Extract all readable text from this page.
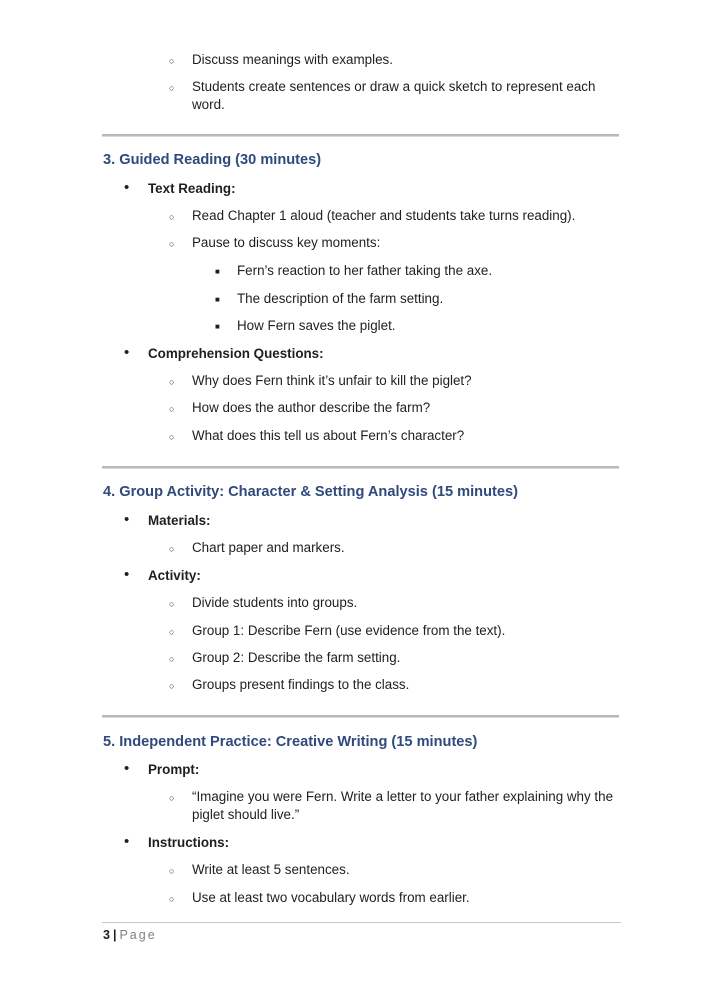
○ Discuss meanings with examples.
○ Students create sentences or draw a quick sketch to represent each word.
3. Guided Reading (30 minutes)
• Text Reading:
○ Read Chapter 1 aloud (teacher and students take turns reading).
○ Pause to discuss key moments:
■ Fern’s reaction to her father taking the axe.
■ The description of the farm setting.
■ How Fern saves the piglet.
• Comprehension Questions:
○ Why does Fern think it’s unfair to kill the piglet?
○ How does the author describe the farm?
○ What does this tell us about Fern’s character?
4. Group Activity: Character & Setting Analysis (15 minutes)
• Materials:
○ Chart paper and markers.
• Activity:
○ Divide students into groups.
○ Group 1: Describe Fern (use evidence from the text).
○ Group 2: Describe the farm setting.
○ Groups present findings to the class.
5. Independent Practice: Creative Writing (15 minutes)
• Prompt:
○ “Imagine you were Fern. Write a letter to your father explaining why the piglet should live.”
• Instructions:
○ Write at least 5 sentences.
○ Use at least two vocabulary words from earlier.
3 | Page
